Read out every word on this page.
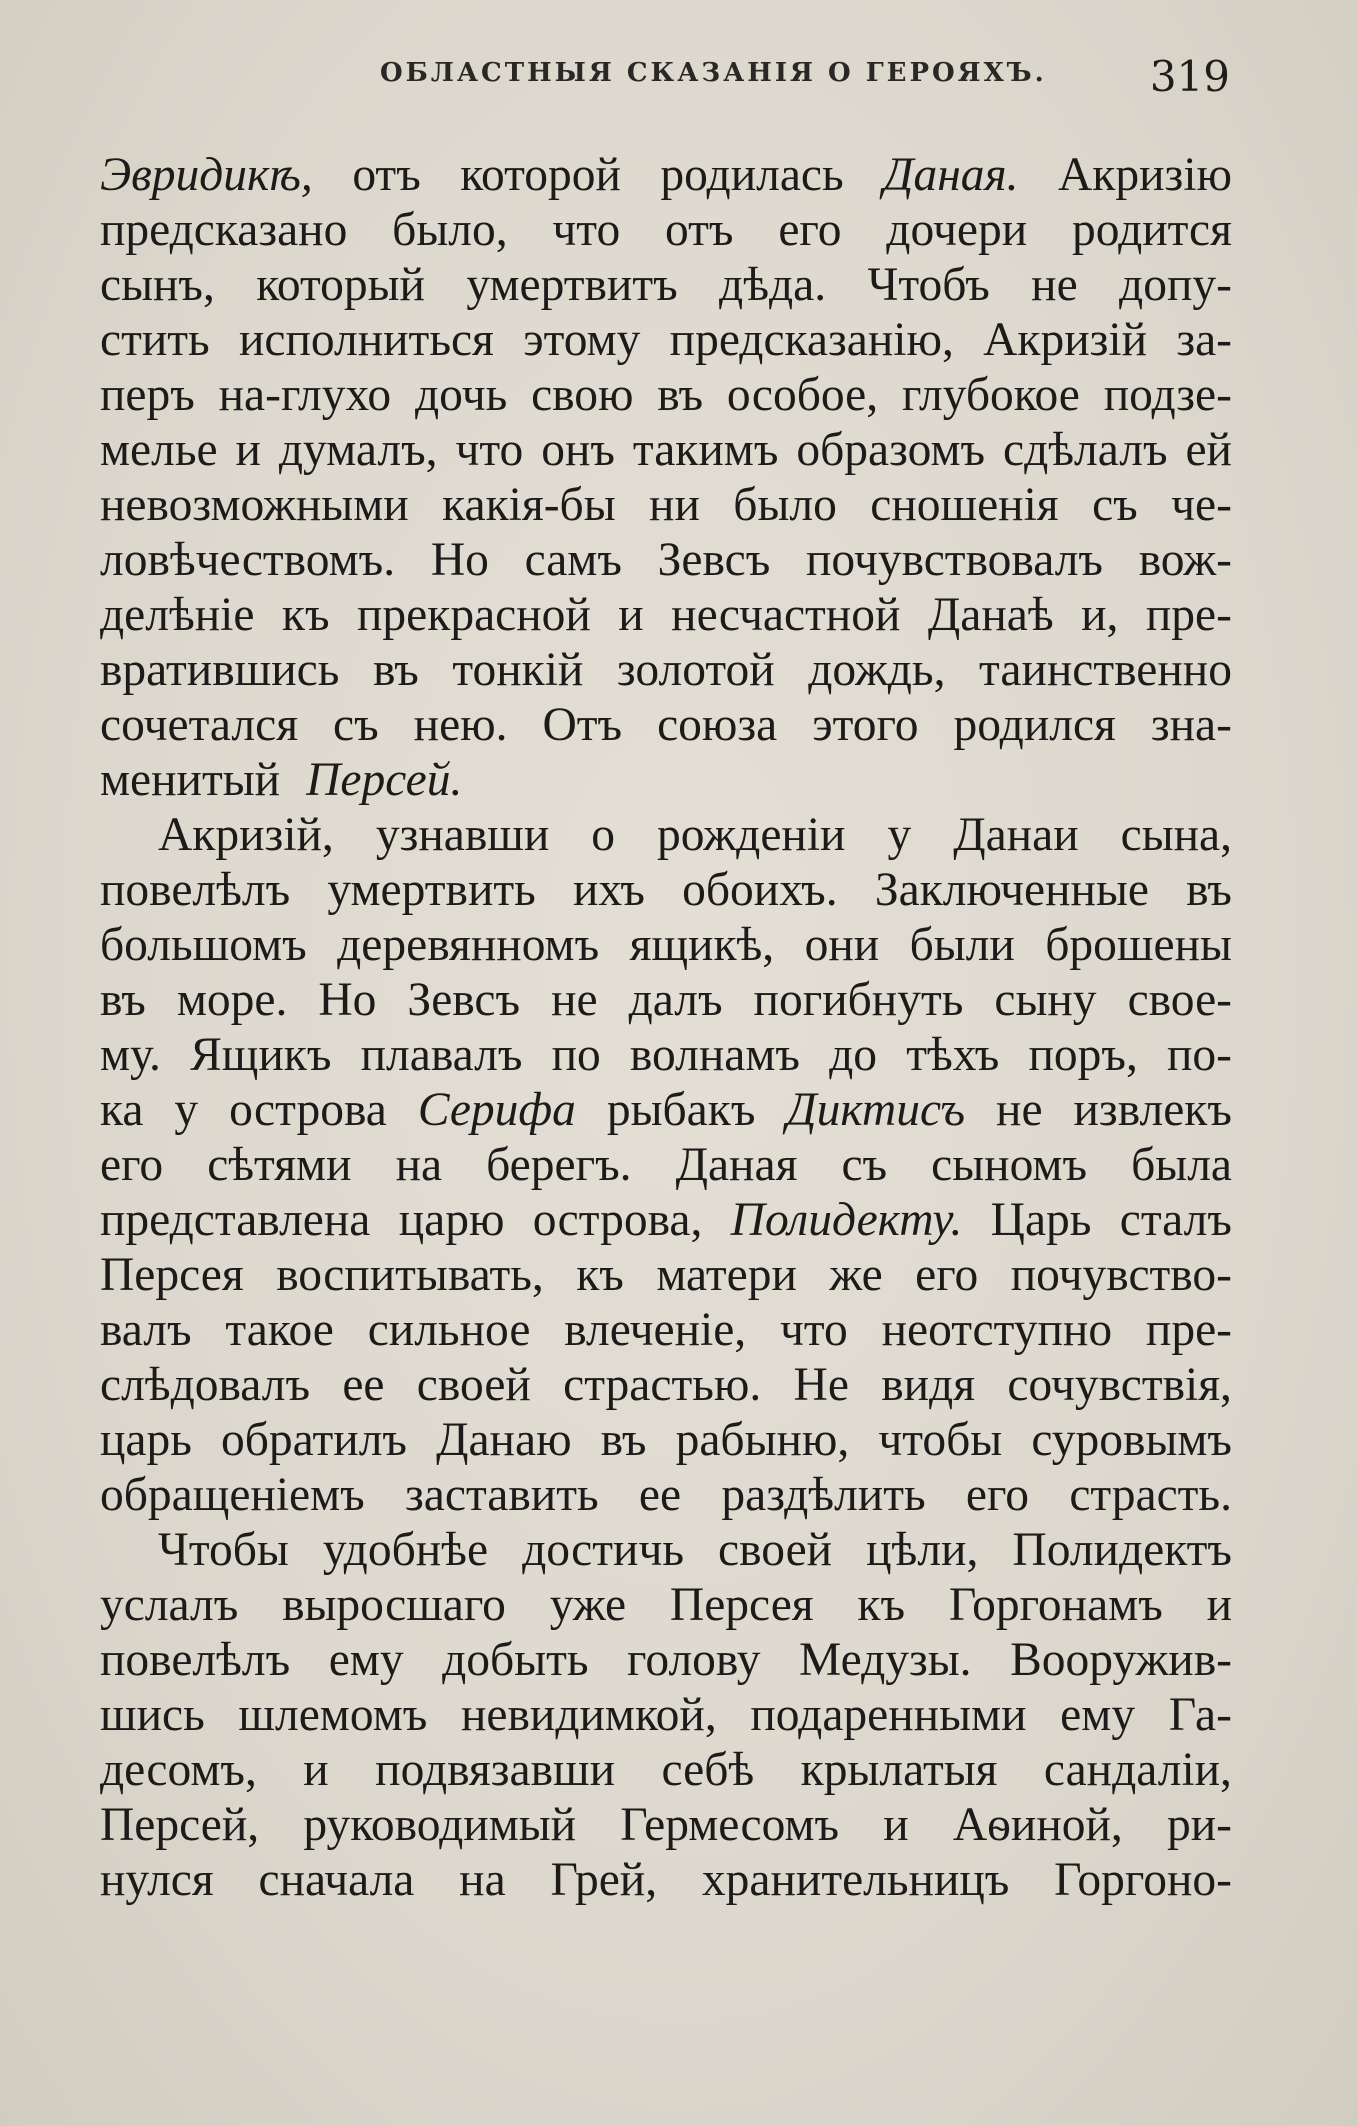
ОБЛАСТНЫЯ СКАЗАНІЯ О ГЕРОЯХЪ. 319
Эвридикѣ, отъ которой родилась Даная. Акризію
предсказано было, что отъ его дочери родится
сынъ, который умертвитъ дѣда. Чтобъ не допу-
стить исполниться этому предсказанію, Акризій за-
перъ на-глухо дочь свою въ особое, глубокое подзе-
мелье и думалъ, что онъ такимъ образомъ сдѣлалъ ей
невозможными какія-бы ни было сношенія съ че-
ловѣчествомъ. Но самъ Зевсъ почувствовалъ вож-
делѣніе къ прекрасной и несчастной Данаѣ и, пре-
вратившись въ тонкій золотой дождь, таинственно
сочетался съ нею. Отъ союза этого родился зна-
менитый Персей.
Акризій, узнавши о рожденіи у Данаи сына,
повелѣлъ умертвить ихъ обоихъ. Заключенные въ
большомъ деревянномъ ящикѣ, они были брошены
въ море. Но Зевсъ не далъ погибнуть сыну свое-
му. Ящикъ плавалъ по волнамъ до тѣхъ поръ, по-
ка у острова Серифа рыбакъ Диктисъ не извлекъ
его сѣтями на берегъ. Даная съ сыномъ была
представлена царю острова, Полидекту. Царь сталъ
Персея воспитывать, къ матери же его почувство-
валъ такое сильное влеченіе, что неотступно пре-
слѣдовалъ ее своей страстью. Не видя сочувствія,
царь обратилъ Данаю въ рабыню, чтобы суровымъ
обращеніемъ заставить ее раздѣлить его страсть.
Чтобы удобнѣе достичь своей цѣли, Полидектъ
услалъ выросшаго уже Персея къ Горгонамъ и
повелѣлъ ему добыть голову Медузы. Вооружив-
шись шлемомъ невидимкой, подаренными ему Га-
десомъ, и подвязавши себѣ крылатыя сандаліи,
Персей, руководимый Гермесомъ и Аѳиной, ри-
нулся сначала на Грей, хранительницъ Горгоно-
